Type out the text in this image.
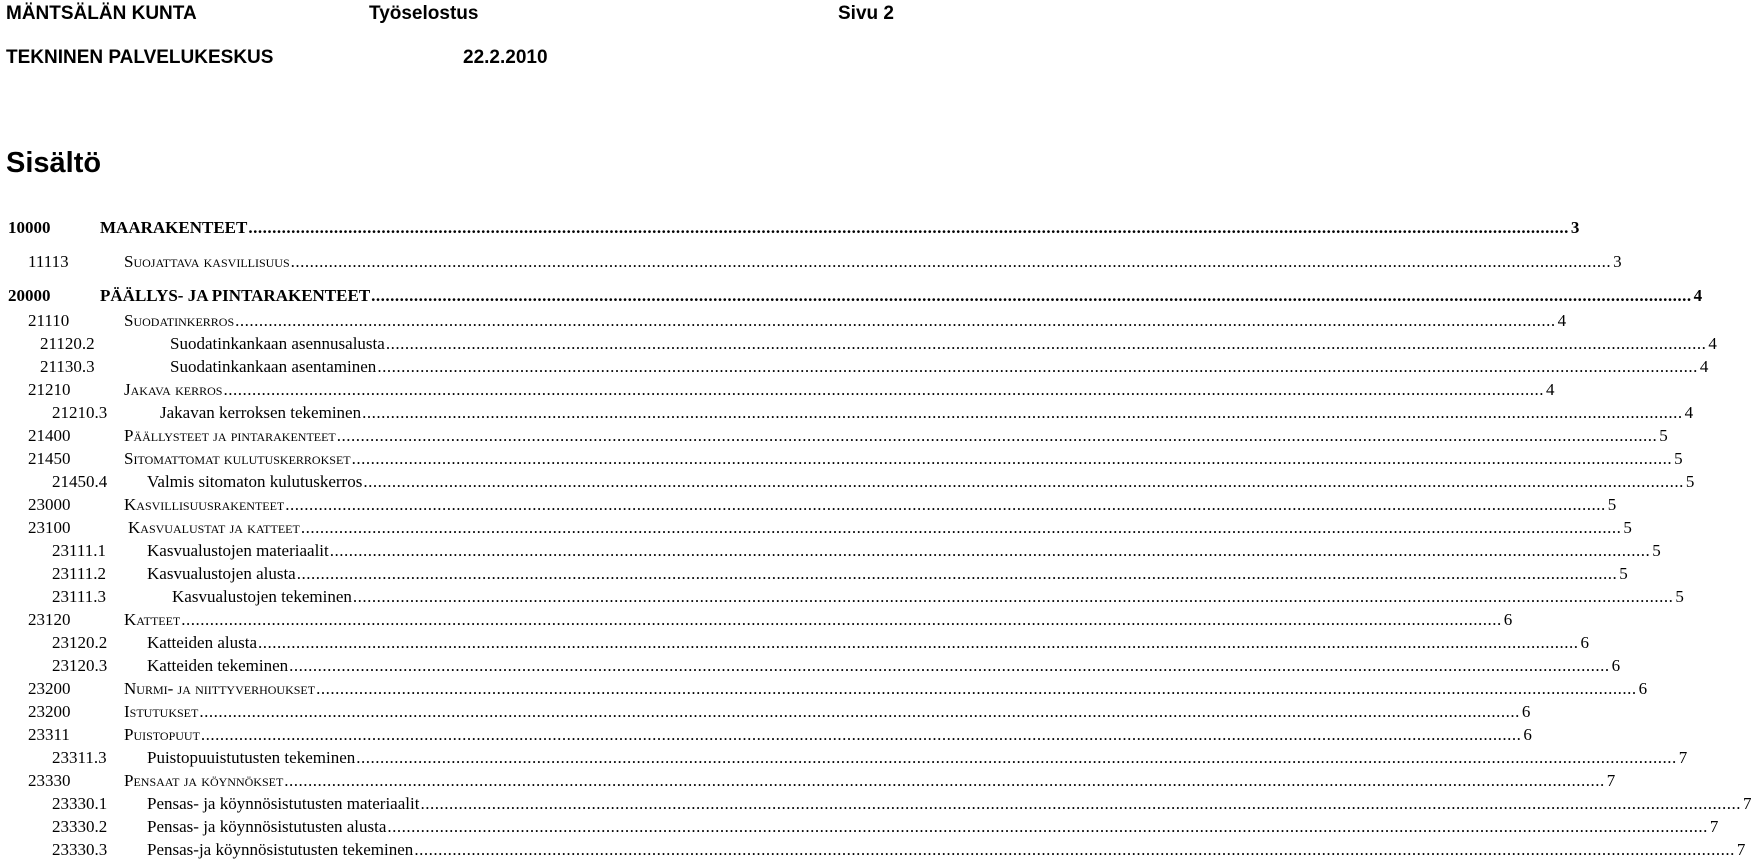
MÄNTSÄLÄN KUNTA	Työselostus	Sivu 2
TEKNINEN PALVELUKESKUS	22.2.2010
Sisältö
10000	MAARAKENTEET ...................................................................................................................................................................................................................................................................................... 3
11113	Suojattava kasvillisuus ...................................................................................................................................................................................................................................................................................... 3
20000	PÄÄLLYS- JA PINTARAKENTEET ...................................................................................................................................................................................................................................................................................... 4
21110	Suodatinkerros ...................................................................................................................................................................................................................................................................................... 4
21120.2	Suodatinkankaan asennusalusta ...................................................................................................................................................................................................................................................................................... 4
21130.3	Suodatinkankaan asentaminen ...................................................................................................................................................................................................................................................................................... 4
21210	Jakava kerros ...................................................................................................................................................................................................................................................................................... 4
21210.3	Jakavan kerroksen tekeminen ...................................................................................................................................................................................................................................................................................... 4
21400	Päällysteet ja pintarakenteet ...................................................................................................................................................................................................................................................................................... 5
21450	Sitomattomat kulutuskerrokset ...................................................................................................................................................................................................................................................................................... 5
21450.4 Valmis sitomaton kulutuskerros ...................................................................................................................................................................................................................................................................................... 5
23000	Kasvillisuusrakenteet ...................................................................................................................................................................................................................................................................................... 5
23100	Kasvualustat ja katteet ...................................................................................................................................................................................................................................................................................... 5
23111.1 Kasvualustojen materiaalit ...................................................................................................................................................................................................................................................................................... 5
23111.2 Kasvualustojen alusta ...................................................................................................................................................................................................................................................................................... 5
23111.3	Kasvualustojen tekeminen ...................................................................................................................................................................................................................................................................................... 5
23120	Katteet ...................................................................................................................................................................................................................................................................................... 6
23120.2 Katteiden alusta ...................................................................................................................................................................................................................................................................................... 6
23120.3 Katteiden tekeminen ...................................................................................................................................................................................................................................................................................... 6
23200	Nurmi- ja niittyverhoukset ...................................................................................................................................................................................................................................................................................... 6
23200	Istutukset ...................................................................................................................................................................................................................................................................................... 6
23311	Puistopuut ...................................................................................................................................................................................................................................................................................... 6
23311.3 Puistopuuistutusten tekeminen ...................................................................................................................................................................................................................................................................................... 7
23330	Pensaat ja köynnökset ...................................................................................................................................................................................................................................................................................... 7
23330.1 Pensas- ja köynnösistutusten materiaalit ...................................................................................................................................................................................................................................................................................... 7
23330.2 Pensas- ja köynnösistutusten alusta ...................................................................................................................................................................................................................................................................................... 7
23330.3 Pensas-ja köynnösistutusten tekeminen ...................................................................................................................................................................................................................................................................................... 7
